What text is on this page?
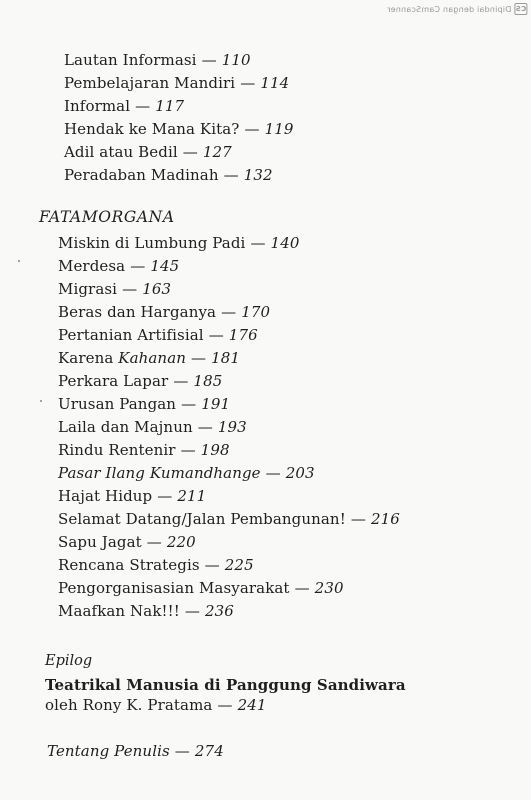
CS
Dipindai dengan CamScanner
Lautan Informasi — 110
Pembelajaran Mandiri — 114
Informal — 117
Hendak ke Mana Kita? — 119
Adil atau Bedil — 127
Peradaban Madinah — 132
FATAMORGANA
Miskin di Lumbung Padi — 140
Merdesa — 145
Migrasi — 163
Beras dan Harganya — 170
Pertanian Artifisial — 176
Karena Kahanan — 181
Perkara Lapar — 185
Urusan Pangan — 191
Laila dan Majnun — 193
Rindu Rentenir — 198
Pasar Ilang Kumandhange — 203
Hajat Hidup — 211
Selamat Datang/Jalan Pembangunan! — 216
Sapu Jagat — 220
Rencana Strategis — 225
Pengorganisasian Masyarakat — 230
Maafkan Nak!!! — 236
Epilog
Teatrikal Manusia di Panggung Sandiwara
oleh Rony K. Pratama — 241
Tentang Penulis — 274
